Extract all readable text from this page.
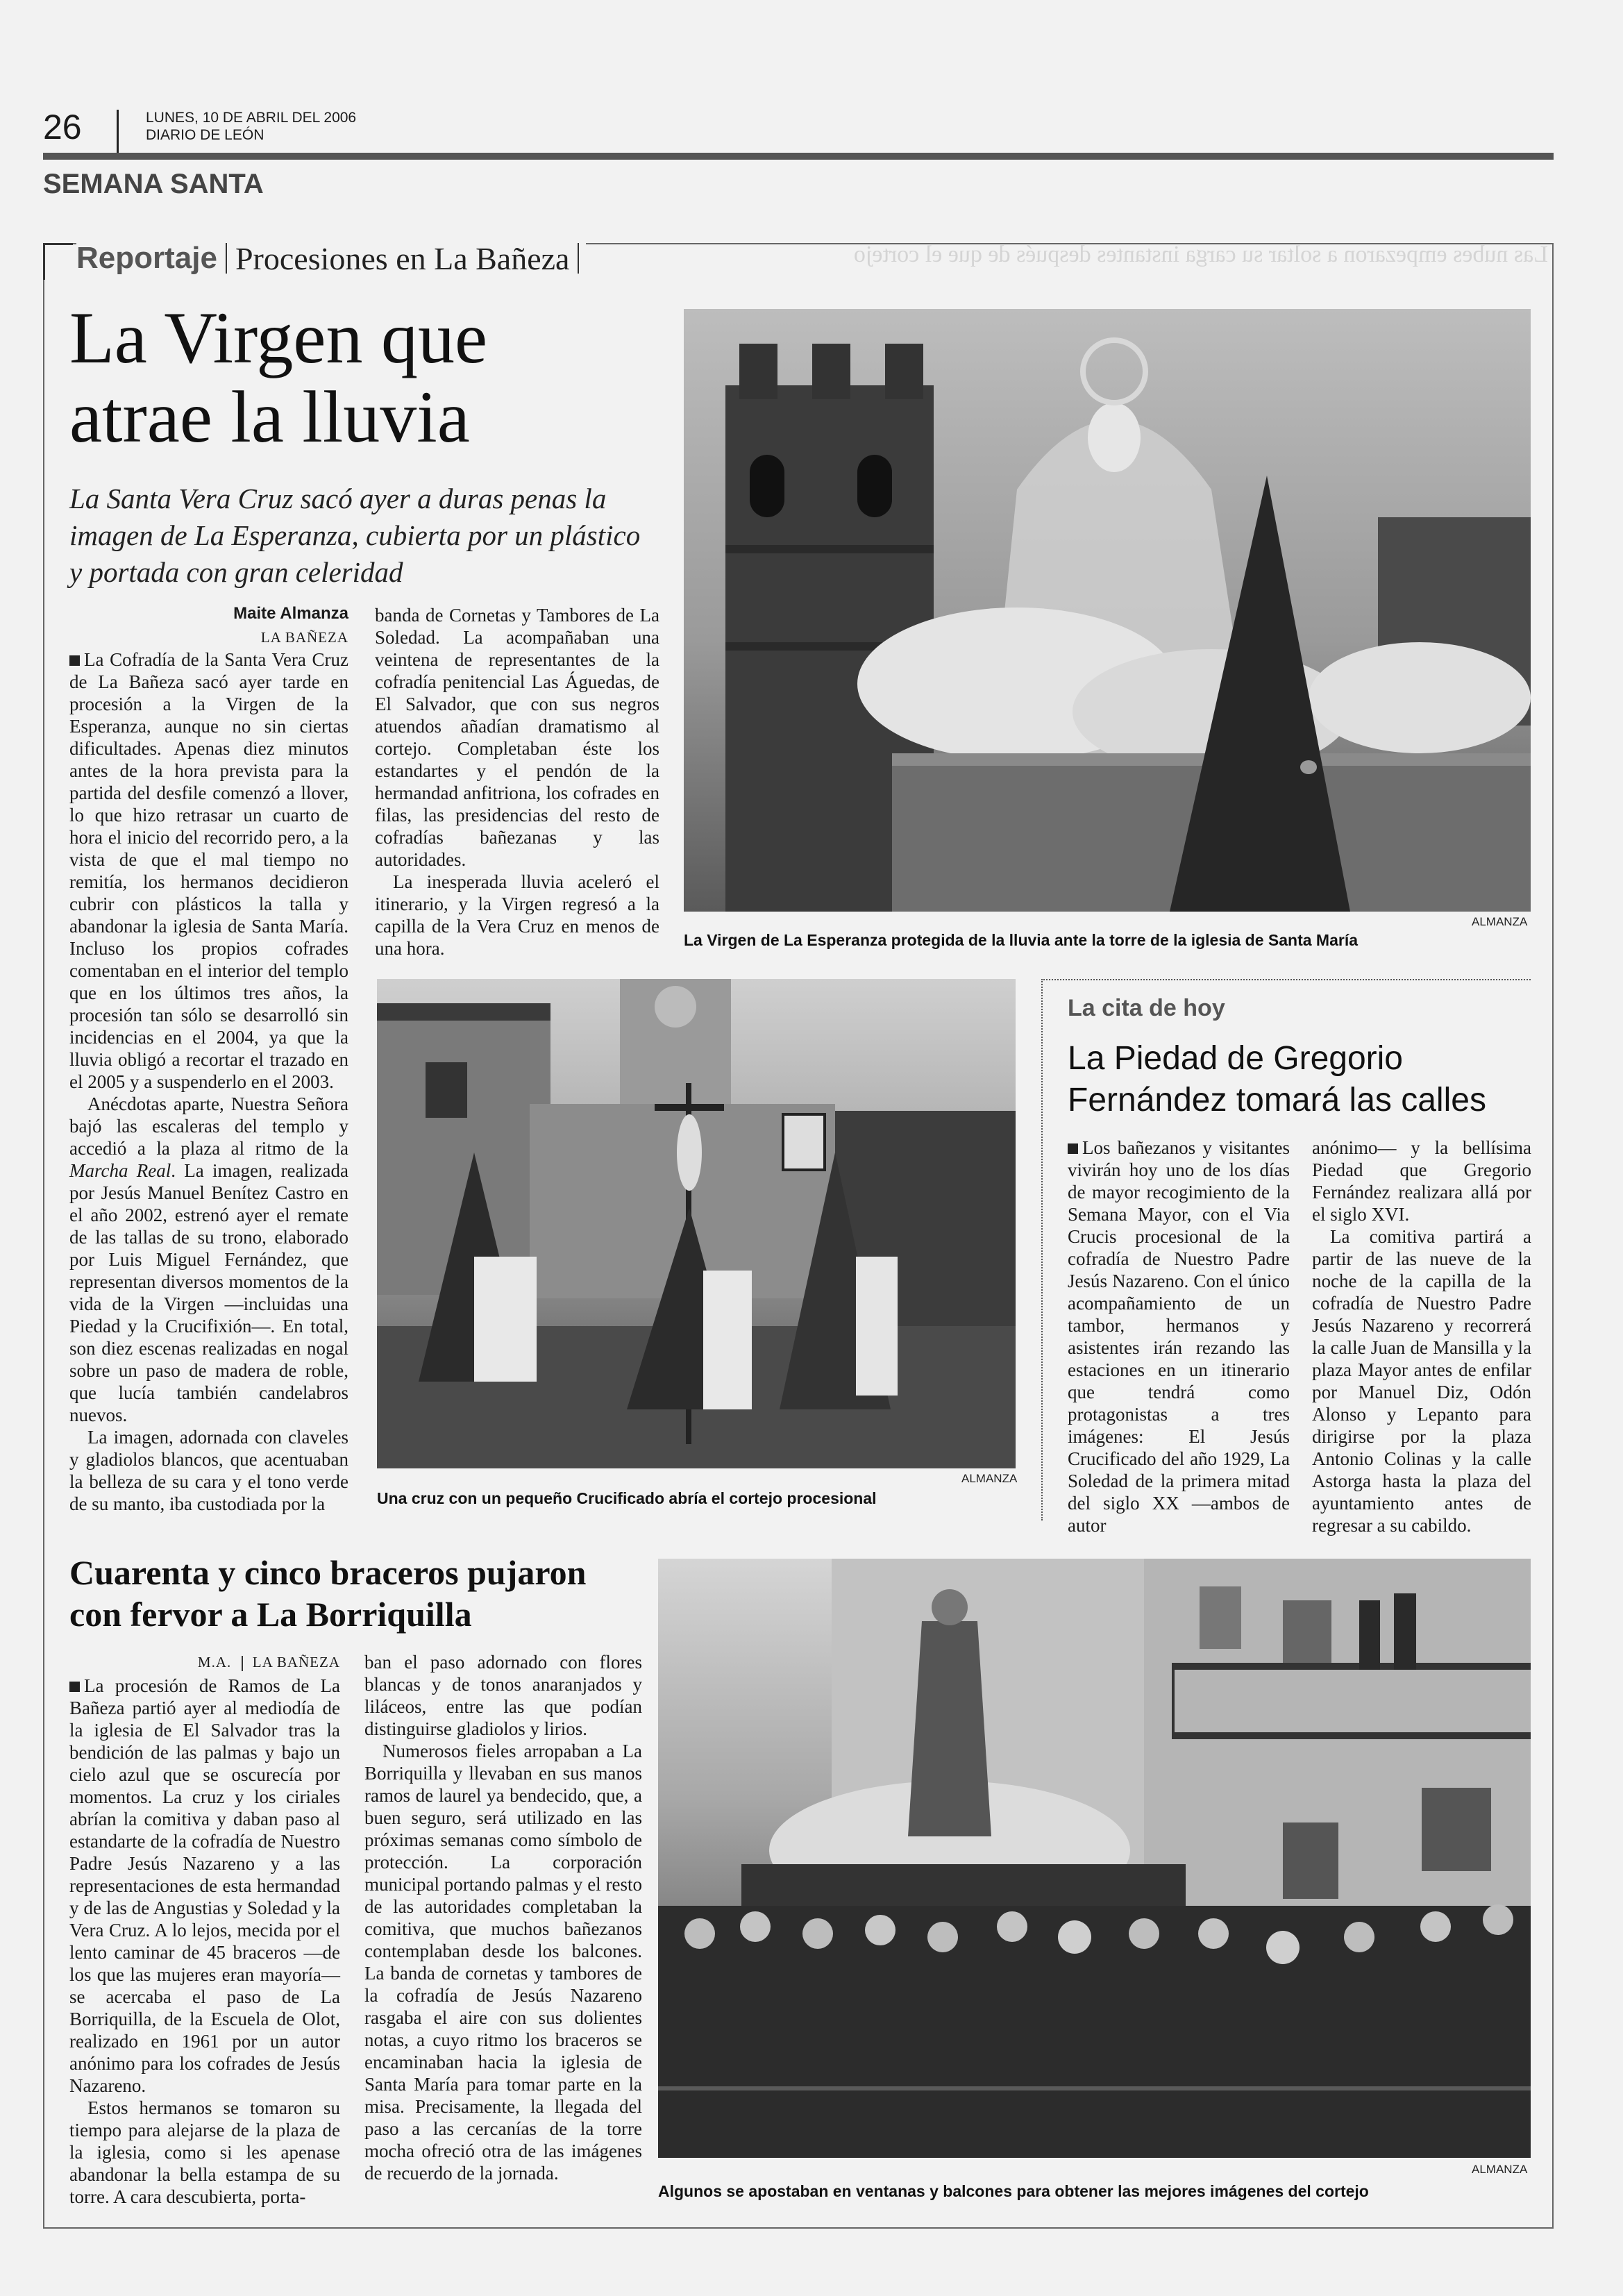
26	LUNES, 10 DE ABRIL DEL 2006
DIARIO DE LEÓN
SEMANA SANTA
Reportaje Procesiones en La Bañeza	Las nubes empezaron a soltar su carga instantes después de que el cortejo
La Virgen que
atrae la lluvia
La Santa Vera Cruz sacó ayer a duras penas la imagen de La Esperanza, cubierta por un plástico y portada con gran celeridad
Maite Almanza
LA BAÑEZA

La Cofradía de la Santa Vera Cruz de La Bañeza sacó ayer tarde en procesión a la Virgen de la Esperanza, aunque no sin ciertas dificultades. Apenas diez minutos antes de la hora prevista para la partida del desfile comenzó a llover, lo que hizo retrasar un cuarto de hora el inicio del recorrido pero, a la vista de que el mal tiempo no remitía, los hermanos decidieron cubrir con plásticos la talla y abandonar la iglesia de Santa María. Incluso los propios cofrades comentaban en el interior del templo que en los últimos tres años, la procesión tan sólo se desarrolló sin incidencias en el 2004, ya que la lluvia obligó a recortar el trazado en el 2005 y a suspenderlo en el 2003.

Anécdotas aparte, Nuestra Señora bajó las escaleras del templo y accedió a la plaza al ritmo de la Marcha Real. La imagen, realizada por Jesús Manuel Benítez Castro en el año 2002, estrenó ayer el remate de las tallas de su trono, elaborado por Luis Miguel Fernández, que representan diversos momentos de la vida de la Virgen —incluidas una Piedad y la Crucifixión—. En total, son diez escenas realizadas en nogal sobre un paso de madera de roble, que lucía también candelabros nuevos.

La imagen, adornada con claveles y gladiolos blancos, que acentuaban la belleza de su cara y el tono verde de su manto, iba custodiada por la

banda de Cornetas y Tambores de La Soledad. La acompañaban una veintena de representantes de la cofradía penitencial Las Águedas, de El Salvador, que con sus negros atuendos añadían dramatismo al cortejo. Completaban éste los estandartes y el pendón de la hermandad anfitriona, los cofrades en filas, las presidencias del resto de cofradías bañezanas y las autoridades.

La inesperada lluvia aceleró el itinerario, y la Virgen regresó a la capilla de la Vera Cruz en menos de una hora.

ALMANZA
La Virgen de La Esperanza protegida de la lluvia ante la torre de la iglesia de Santa María
ALMANZA
Una cruz con un pequeño Crucificado abría el cortejo procesional
La cita de hoy
La Piedad de Gregorio Fernández tomará las calles

Los bañezanos y visitantes vivirán hoy uno de los días de mayor recogimiento de la Semana Mayor, con el Via Crucis procesional de la cofradía de Nuestro Padre Jesús Nazareno. Con el único acompañamiento de un tambor, hermanos y asistentes irán rezando las estaciones en un itinerario que tendrá como protagonistas a tres imágenes: El Jesús Crucificado del año 1929, La Soledad de la primera mitad del siglo XX —ambos de autor

anónimo— y la bellísima Piedad que Gregorio Fernández realizara allá por el siglo XVI.

La comitiva partirá a partir de las nueve de la noche de la capilla de la cofradía de Nuestro Padre Jesús Nazareno y recorrerá la calle Juan de Mansilla y la plaza Mayor antes de enfilar por Manuel Diz, Odón Alonso y Lepanto para dirigirse por la plaza Antonio Colinas y la calle Astorga hasta la plaza del ayuntamiento antes de regresar a su cabildo.

Cuarenta y cinco braceros pujaron
con fervor a La Borriquilla
M.A. LA BAÑEZA

La procesión de Ramos de La Bañeza partió ayer al mediodía de la iglesia de El Salvador tras la bendición de las palmas y bajo un cielo azul que se oscurecía por momentos. La cruz y los ciriales abrían la comitiva y daban paso al estandarte de la cofradía de Nuestro Padre Jesús Nazareno y a las representaciones de esta hermandad y de las de Angustias y Soledad y la Vera Cruz. A lo lejos, mecida por el lento caminar de 45 braceros —de los que las mujeres eran mayoría— se acercaba el paso de La Borriquilla, de la Escuela de Olot, realizado en 1961 por un autor anónimo para los cofrades de Jesús Nazareno.

Estos hermanos se tomaron su tiempo para alejarse de la plaza de la iglesia, como si les apenase abandonar la bella estampa de su torre. A cara descubierta, porta-

ban el paso adornado con flores blancas y de tonos anaranjados y liláceos, entre las que podían distinguirse gladiolos y lirios.

Numerosos fieles arropaban a La Borriquilla y llevaban en sus manos ramos de laurel ya bendecido, que, a buen seguro, será utilizado en las próximas semanas como símbolo de protección. La corporación municipal portando palmas y el resto de las autoridades completaban la comitiva, que muchos bañezanos contemplaban desde los balcones. La banda de cornetas y tambores de la cofradía de Jesús Nazareno rasgaba el aire con sus dolientes notas, a cuyo ritmo los braceros se encaminaban hacia la iglesia de Santa María para tomar parte en la misa. Precisamente, la llegada del paso a las cercanías de la torre mocha ofreció otra de las imágenes de recuerdo de la jornada.	ALMANZA
Algunos se apostaban en ventanas y balcones para obtener las mejores imágenes del cortejo
